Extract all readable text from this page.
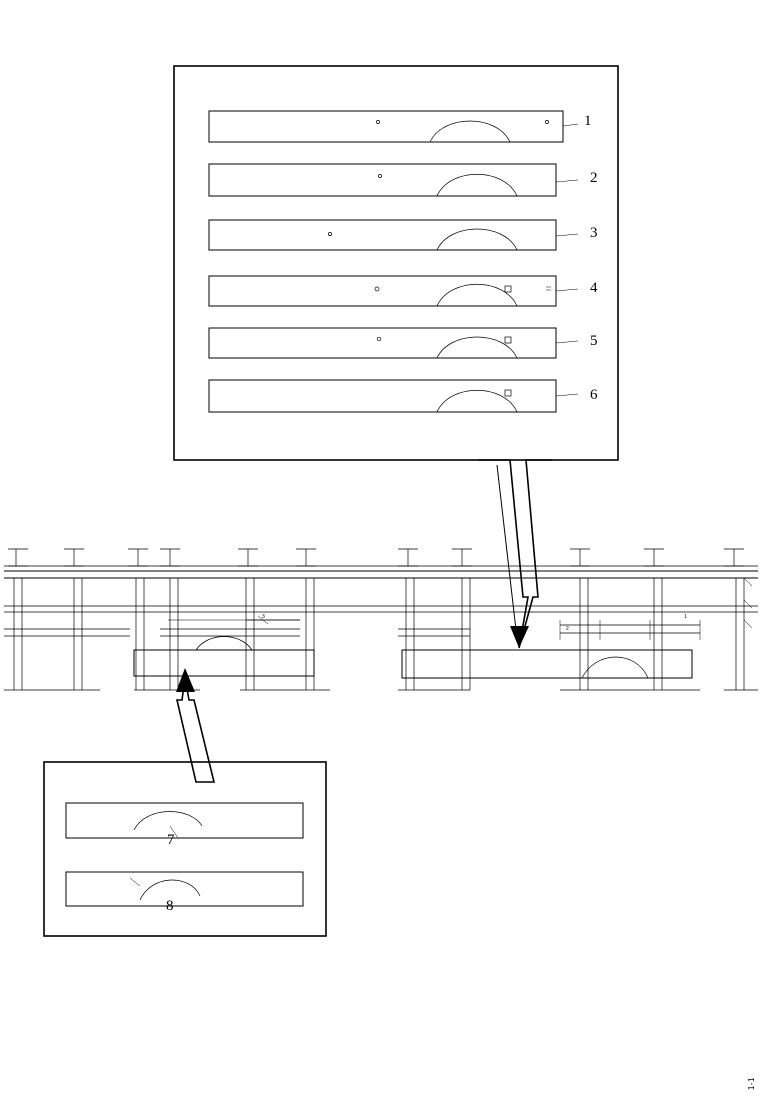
1
2
3
4
5
6
7
8
1
2
3
1-1
